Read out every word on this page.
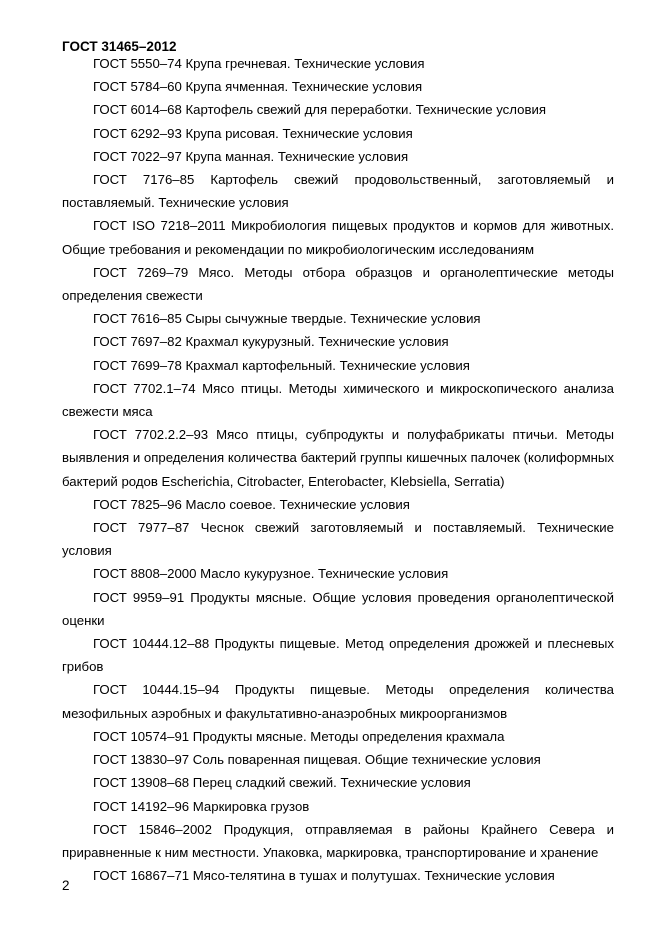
ГОСТ 31465–2012

ГОСТ 5550–74 Крупа гречневая. Технические условия

ГОСТ 5784–60 Крупа ячменная. Технические условия

ГОСТ 6014–68 Картофель свежий для переработки. Технические условия

ГОСТ 6292–93 Крупа рисовая. Технические условия

ГОСТ 7022–97 Крупа манная. Технические условия

ГОСТ 7176–85 Картофель свежий продовольственный, заготовляемый и поставляемый. Технические условия

ГОСТ ISO 7218–2011 Микробиология пищевых продуктов и кормов для животных. Общие требования и рекомендации по микробиологическим исследованиям

ГОСТ 7269–79 Мясо. Методы отбора образцов и органолептические методы определения свежести

ГОСТ 7616–85 Сыры сычужные твердые. Технические условия

ГОСТ 7697–82 Крахмал кукурузный. Технические условия

ГОСТ 7699–78 Крахмал картофельный. Технические условия

ГОСТ 7702.1–74 Мясо птицы. Методы химического и микроскопического анализа свежести мяса

ГОСТ 7702.2.2–93 Мясо птицы, субпродукты и полуфабрикаты птичьи. Методы выявления и определения количества бактерий группы кишечных палочек (колиформных бактерий родов Escherichia, Citrobacter, Enterobacter, Klebsiella, Serratia)

ГОСТ 7825–96 Масло соевое. Технические условия

ГОСТ 7977–87 Чеснок свежий заготовляемый и поставляемый. Технические условия

ГОСТ 8808–2000 Масло кукурузное. Технические условия

ГОСТ 9959–91 Продукты мясные. Общие условия проведения органолептической оценки

ГОСТ 10444.12–88 Продукты пищевые. Метод определения дрожжей и плесневых грибов

ГОСТ 10444.15–94 Продукты пищевые. Методы определения количества мезофильных аэробных и факультативно-анаэробных микроорганизмов

ГОСТ 10574–91 Продукты мясные. Методы определения крахмала

ГОСТ 13830–97 Соль поваренная пищевая. Общие технические условия

ГОСТ 13908–68 Перец сладкий свежий. Технические условия

ГОСТ 14192–96 Маркировка грузов

ГОСТ 15846–2002 Продукция, отправляемая в районы Крайнего Севера и приравненные к ним местности. Упаковка, маркировка, транспортирование и хранение

ГОСТ 16867–71 Мясо-телятина в тушах и полутушах. Технические условия

2
